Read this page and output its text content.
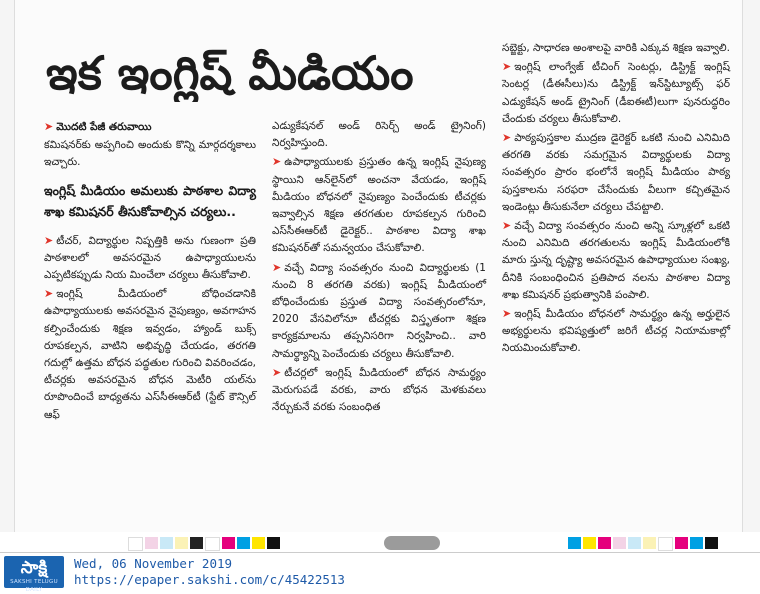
ఇక ఇంగ్లిష్ మీడియం

➤ మొదటి పేజీ తరువాయి

కమిషనర్‌కు అప్పగించి అందుకు కొన్ని మార్గదర్శకాలు ఇచ్చారు.

ఇంగ్లిష్ మీడియం అమలుకు పాఠశాల విద్యా శాఖ కమిషనర్ తీసుకోవాల్సిన చర్యలు..

➤ టీచర్, విద్యార్థుల నిష్పత్తికి అను గుణంగా ప్రతి పాఠశాలలో అవసరమైన ఉపాధ్యాయులను ఎప్పటికప్పుడు నియ మించేలా చర్యలు తీసుకోవాలి.

➤ ఇంగ్లిష్ మీడియంలో బోధించడానికి ఉపాధ్యాయులకు అవసరమైన నైపుణ్యం, అవగాహన కల్పించేందుకు శిక్షణ ఇవ్వడం, హ్యాండ్ బుక్స్ రూపకల్పన, వాటిని అభివృద్ధి చేయడం, తరగతి గదుల్లో ఉత్తమ బోధన పద్ధతుల గురించి వివరించడం, టీచర్లకు అవసరమైన బోధన మెటీరి యల్‌ను రూపొందించే బాధ్యతను ఎస్‌సీఈఆర్‌టీ (స్టేట్ కౌన్సిల్ ఆఫ్

ఎడ్యుకేషనల్ అండ్ రిసెర్చ్ అండ్ ట్రైనింగ్) నిర్వహిస్తుంది.

➤ ఉపాధ్యాయులకు ప్రస్తుతం ఉన్న ఇంగ్లిష్ నైపుణ్య స్థాయిని ఆన్‌లైన్‌లో అంచనా వేయడం, ఇంగ్లిష్ మీడియం బోధనలో నైపుణ్యం పెంచేందుకు టీచర్లకు ఇవ్వాల్సిన శిక్షణ తరగతుల రూపకల్పన గురించి ఎస్‌సీఈఆర్‌టీ డైరెక్టర్.. పాఠశాల విద్యా శాఖ కమిషనర్‌తో సమన్వయం చేసుకోవాలి.

➤ వచ్చే విద్యా సంవత్సరం నుంచి విద్యార్థులకు (1 నుంచి 8 తరగతి వరకు) ఇంగ్లిష్ మీడియంలో బోధించేందుకు ప్రస్తుత విద్యా సంవత్సరంలోనూ, 2020 వేసవిలోనూ టీచర్లకు విస్తృతంగా శిక్షణ కార్యక్రమాలను తప్పనిసరిగా నిర్వహించి.. వారి సామర్థ్యాన్ని పెంచేందుకు చర్యలు తీసుకోవాలి.

➤ టీచర్లలో ఇంగ్లిష్ మీడియంలో బోధన సామర్థ్యం మెరుగుపడే వరకు, వారు బోధన మెళకువలు నేర్చుకునే వరకు సంబంధిత

సబ్జెక్టు, సాధారణ అంశాలపై వారికి ఎక్కువ శిక్షణ ఇవ్వాలి.

➤ ఇంగ్లిష్ లాంగ్వేజ్ టీచింగ్ సెంటర్లు, డిస్ట్రిక్ట్ ఇంగ్లిష్ సెంటర్ల (డీఈసీలు)ను డిస్ట్రిక్ట్ ఇన్‌స్టిట్యూట్స్ ఫర్ ఎడ్యుకేషన్ అండ్ ట్రైనింగ్ (డీఐఈటీ)లుగా పునరుద్ధరిం చేందుకు చర్యలు తీసుకోవాలి.

➤ పాఠ్యపుస్తకాల ముద్రణ డైరెక్టర్ ఒకటి నుంచి ఎనిమిది తరగతి వరకు సమగ్రమైన విద్యార్థులకు విద్యా సంవత్సరం ప్రారం భంలోనే ఇంగ్లిష్ మీడియం పాఠ్య పుస్తకాలను సరఫరా చేసేందుకు వీలుగా కచ్చితమైన ఇండెంట్లు తీసుకునేలా చర్యలు చేపట్టాలి.

➤ వచ్చే విద్యా సంవత్సరం నుంచి అన్ని స్కూళ్లలో ఒకటి నుంచి ఎనిమిది తరగతులను ఇంగ్లిష్ మీడియంలోకి మారు స్తున్న దృష్ట్యా అవసరమైన ఉపాధ్యాయుల సంఖ్య, దీనికి సంబంధించిన ప్రతిపాద నలను పాఠశాల విద్యా శాఖ కమిషనర్ ప్రభుత్వానికి పంపాలి.

➤ ఇంగ్లిష్ మీడియం బోధనలో సామర్థ్యం ఉన్న అర్హులైన అభ్యర్థులను భవిష్యత్తులో జరిగే టీచర్ల నియామకాల్లో నియమించుకోవాలి.

సాక్షి
SAKSHI TELUGU DAILY
Wed, 06 November 2019
https://epaper.sakshi.com/c/45422513
